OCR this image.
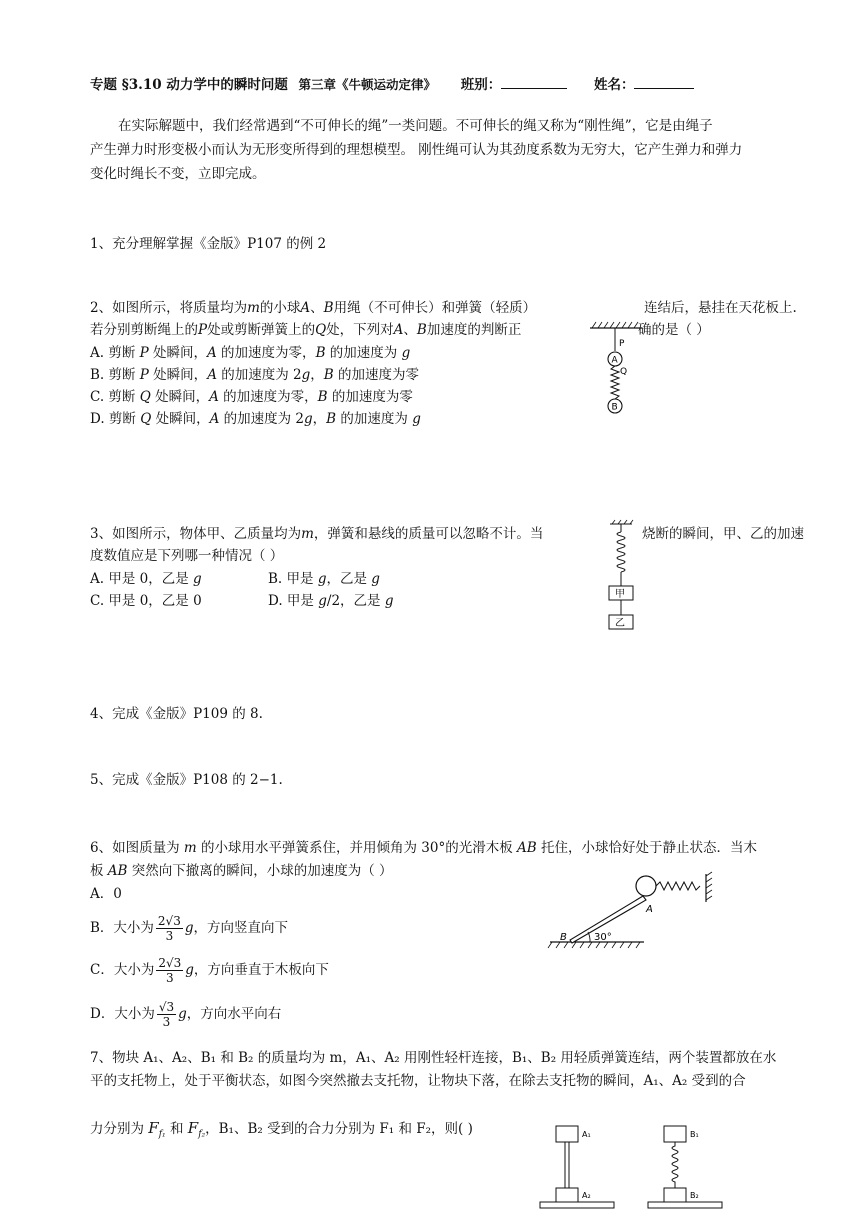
专题 §3.10 动力学中的瞬时问题 第三章《牛顿运动定律》 班别：	姓名：
在实际解题中，我们经常遇到“不可伸长的绳”一类问题。不可伸长的绳又称为“刚性绳”，它是由绳子
产生弹力时形变极小而认为无形变所得到的理想模型。 刚性绳可认为其劲度系数为无穷大，它产生弹力和弹力
变化时绳长不变，立即完成。
1、充分理解掌握《金版》P107 的例 2
2、如图所示，将质量均为m的小球A、B用绳（不可伸长）和弹簧（轻质）	连结后，悬挂在天花板上.
若分别剪断绳上的P处或剪断弹簧上的Q处，下列对A、B加速度的判断正	确的是（ ）
A. 剪断 P 处瞬间，A 的加速度为零，B 的加速度为 g
B. 剪断 P 处瞬间，A 的加速度为 2g，B 的加速度为零
C. 剪断 Q 处瞬间，A 的加速度为零，B 的加速度为零
D. 剪断 Q 处瞬间，A 的加速度为 2g，B 的加速度为 g
P
A
Q
B
3、如图所示，物体甲、乙质量均为m，弹簧和悬线的质量可以忽略不计。当	烧断的瞬间，甲、乙的加速
度数值应是下列哪一种情况（ ）
A. 甲是 0，乙是 g	B. 甲是 g，乙是 g
C. 甲是 0，乙是 0	D. 甲是 g/2，乙是 g	甲
乙
4、完成《金版》P109 的 8.
5、完成《金版》P108 的 2−1.
6、如图质量为 m 的小球用水平弹簧系住，并用倾角为 30°的光滑木板 AB 托住，小球恰好处于静止状态．当木
板 AB 突然向下撤离的瞬间，小球的加速度为（ ）
A．0
B．大小为 $\frac{2√3}{3}$ g，方向竖直向下
C．大小为 $\frac{2√3}{3}$ g，方向垂直于木板向下
D．大小为 $\frac{√3}{3}$ g，方向水平向右
30°
B
A
7、物块 A₁、A₂、B₁ 和 B₂ 的质量均为 m，A₁、A₂ 用刚性轻杆连接，B₁、B₂ 用轻质弹簧连结，两个装置都放在水
平的支托物上，处于平衡状态，如图今突然撤去支托物，让物块下落，在除去支托物的瞬间，A₁、A₂ 受到的合
力分别为 $F_{f_1}$ 和 $F_{f_2}$，B₁、B₂ 受到的合力分别为 F₁ 和 F₂，则( )	A₁
A₂
B₁
B₂
